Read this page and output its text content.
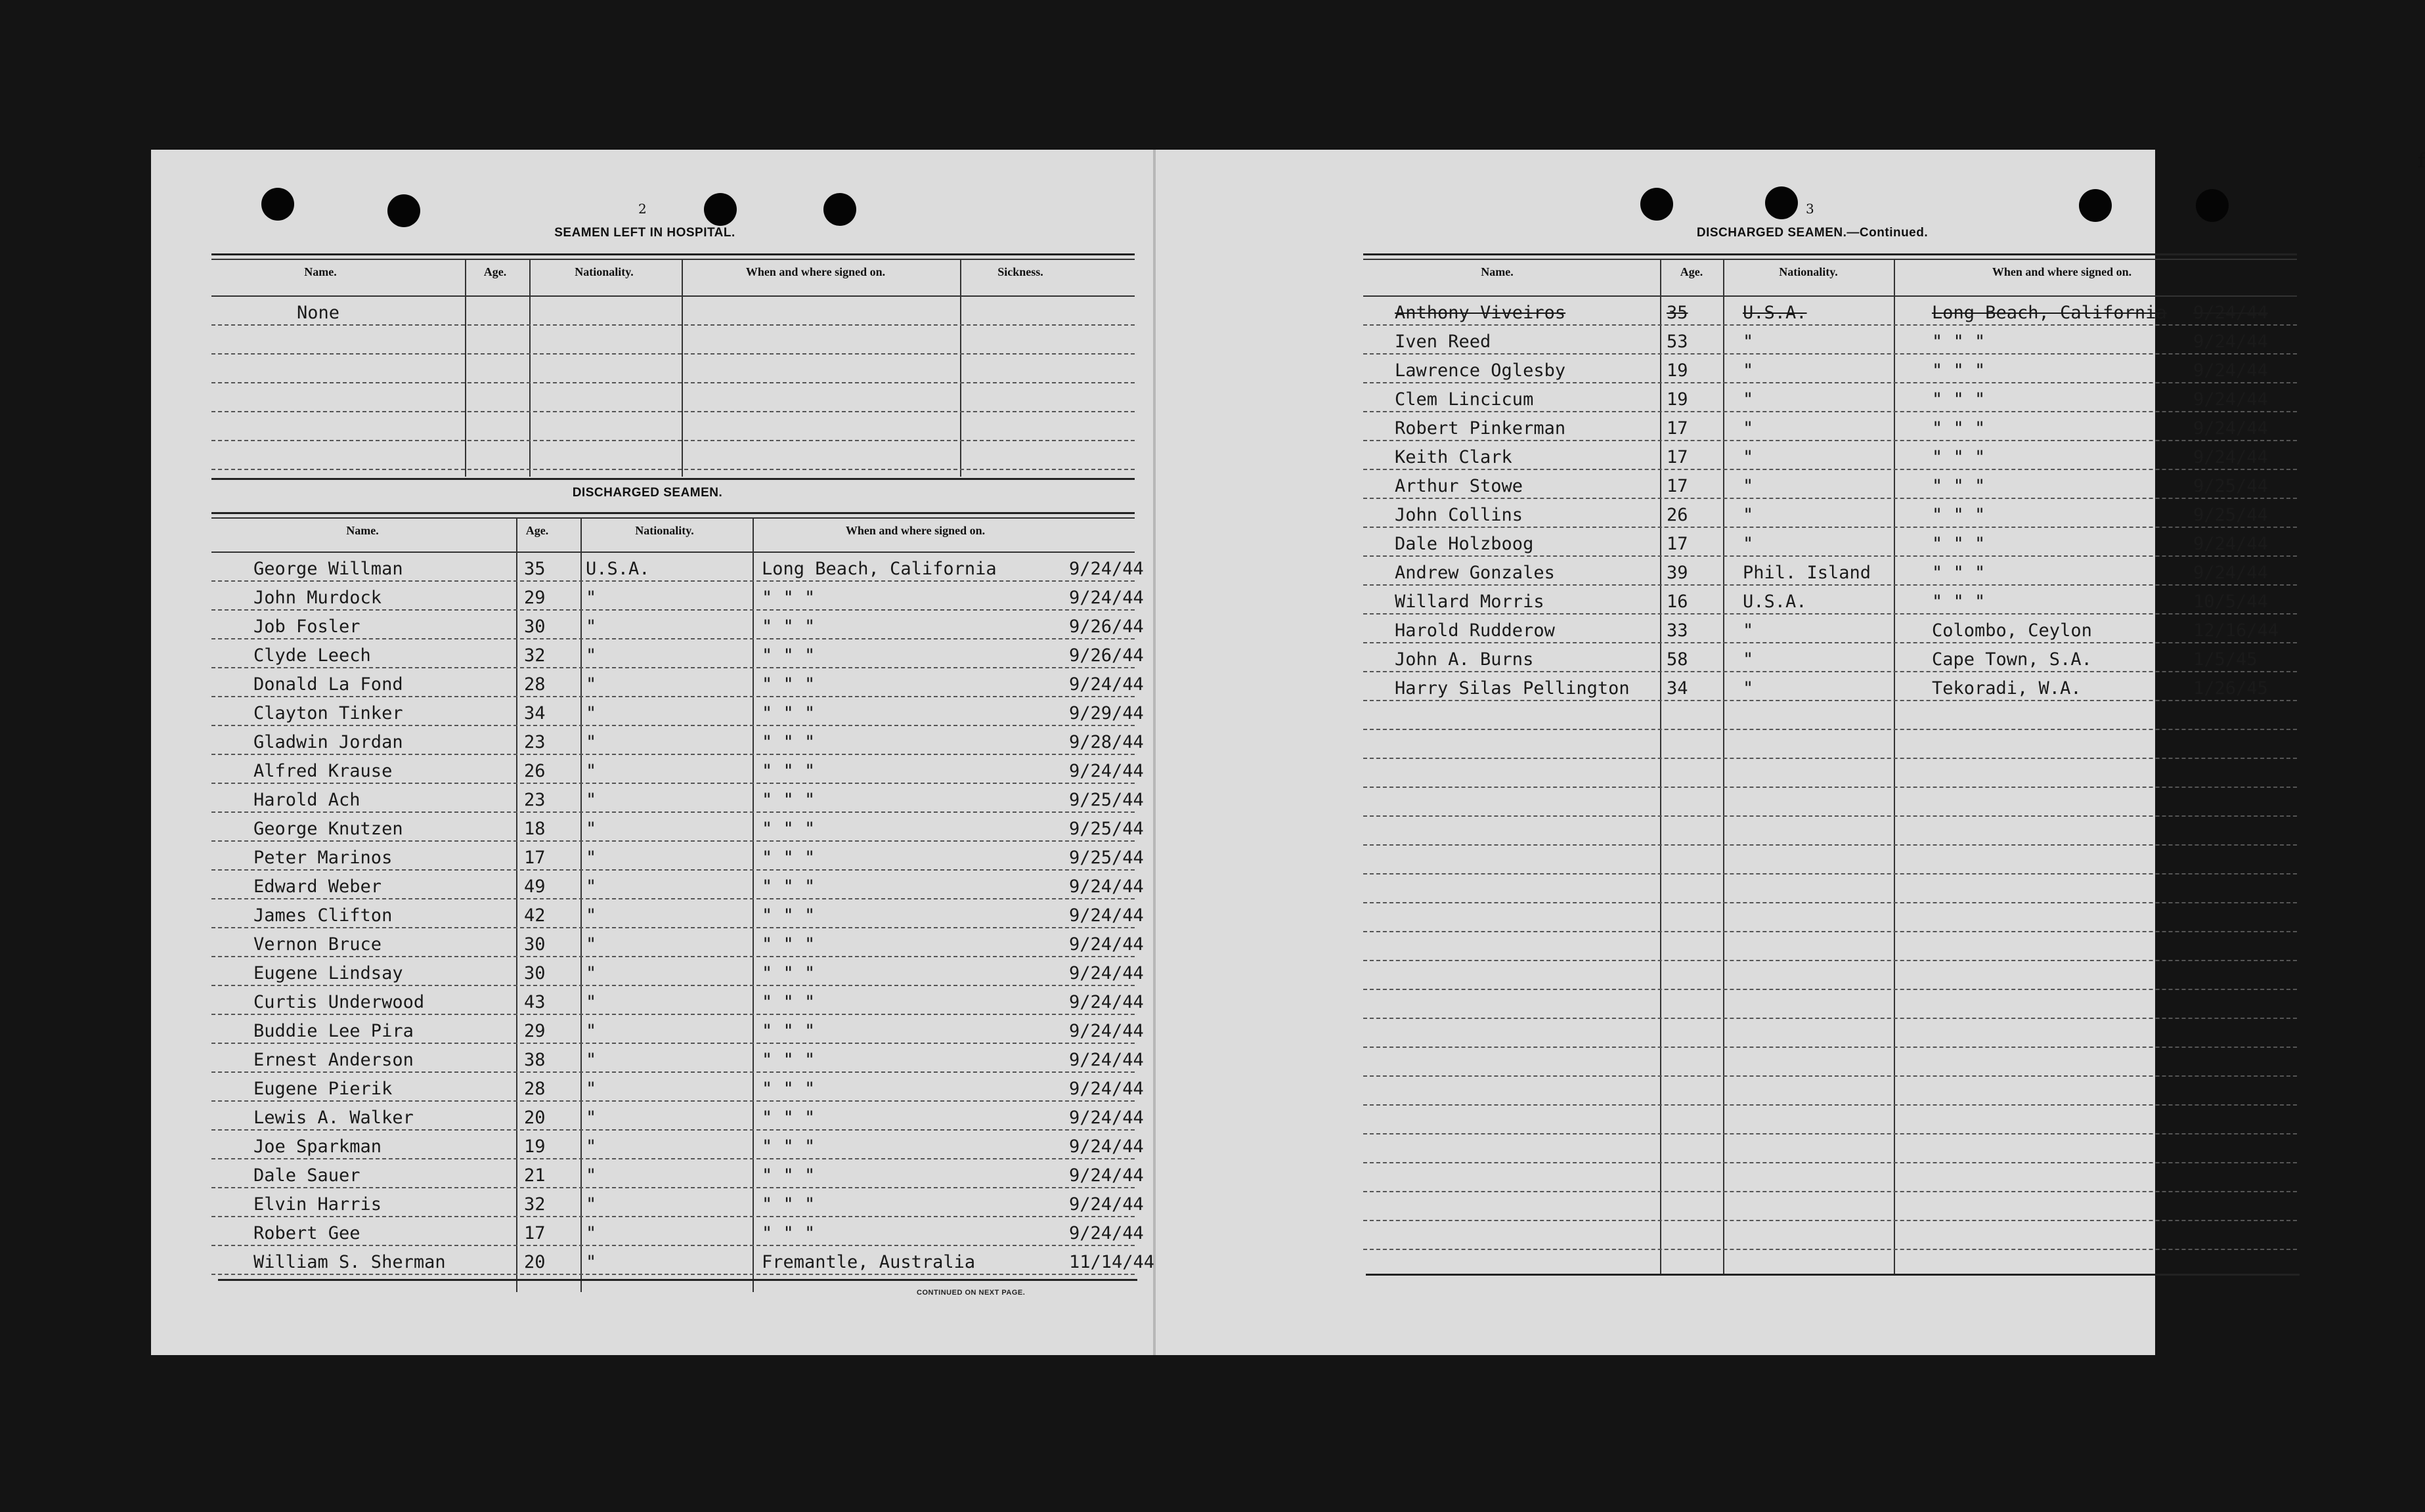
2
SEAMEN LEFT IN HOSPITAL.
Name.	Age.	Nationality.	When and where signed on.	Sickness.
None
DISCHARGED SEAMEN.
Name.	Age.	Nationality.	When and where signed on.
George Willman	35 U.S.A.	Long Beach, California	9/24/44
John Murdock	29 "	" " "	9/24/44
Job Fosler	30 "	" " "	9/26/44
Clyde Leech	32 "	" " "	9/26/44
Donald La Fond	28 "	" " "	9/24/44
Clayton Tinker	34 "	" " "	9/29/44
Gladwin Jordan	23 "	" " "	9/28/44
Alfred Krause	26 "	" " "	9/24/44
Harold Ach	23 "	" " "	9/25/44
George Knutzen	18 "	" " "	9/25/44
Peter Marinos	17 "	" " "	9/25/44
Edward Weber	49 "	" " "	9/24/44
James Clifton	42 "	" " "	9/24/44
Vernon Bruce	30 "	" " "	9/24/44
Eugene Lindsay	30 "	" " "	9/24/44
Curtis Underwood	43 "	" " "	9/24/44
Buddie Lee Pira	29 "	" " "	9/24/44
Ernest Anderson	38 "	" " "	9/24/44
Eugene Pierik	28 "	" " "	9/24/44
Lewis A. Walker	20 "	" " "	9/24/44
Joe Sparkman	19 "	" " "	9/24/44
Dale Sauer	21 "	" " "	9/24/44
Elvin Harris	32 "	" " "	9/24/44
Robert Gee	17 "	" " "	9/24/44
William S. Sherman	20 "	Fremantle, Australia	11/14/44
CONTINUED ON NEXT PAGE.
3
DISCHARGED SEAMEN.—Continued.
f
Name.	Age.	Nationality.	When and where signed on.
Anthony Viveiros	35	U.S.A.	Long Beach, California 9/24/44
Iven Reed	53	"	" " "	9/24/44
Lawrence Oglesby	19	"	" " "	9/24/44
Clem Lincicum	19	"	" " "	9/24/44
Robert Pinkerman	17	"	" " "	9/24/44
Keith Clark	17	"	" " "	9/24/44
Arthur Stowe	17	"	" " "	9/25/44
John Collins	26	"	" " "	9/25/44
Dale Holzboog	17	"	" " "	9/24/44
Andrew Gonzales	39	Phil. Island	" " "	9/24/44
Willard Morris	16	U.S.A.	" " "	10/5/44
Harold Rudderow	33	"	Colombo, Ceylon	12/16/44
John A. Burns	58	"	Cape Town, S.A.	1/5/45
Harry Silas Pellington 34	"	Tekoradi, W.A.	1/26/45
